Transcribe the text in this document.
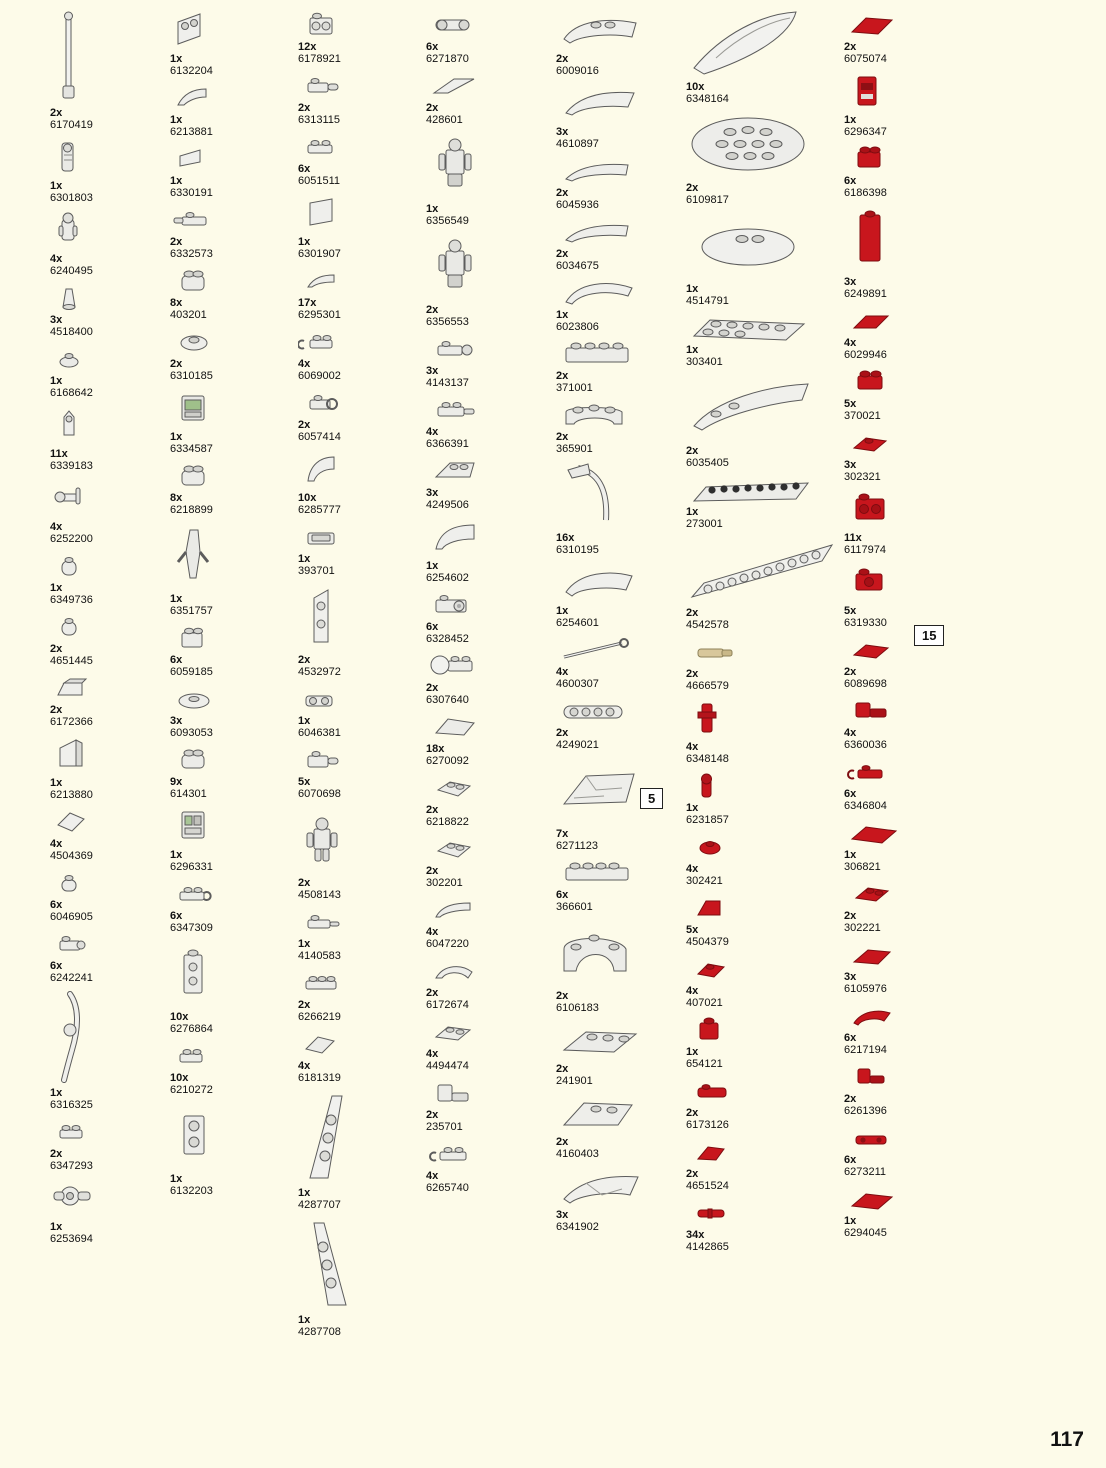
2x
6170419
1x
6301803
4x
6240495
3x
4518400
1x
6168642
11x
6339183
4x
6252200
1x
6349736
2x
4651445
2x
6172366
1x
6213880
4x
4504369
6x
6046905
6x
6242241
1x
6316325
2x
6347293
1x
6253694
1x
6132204
1x
6213881
1x
6330191
2x
6332573
8x
403201
2x
6310185
1x
6334587
8x
6218899
1x
6351757
6x
6059185
3x
6093053
9x
614301
1x
6296331
6x
6347309
10x
6276864
10x
6210272
1x
6132203
12x
6178921
2x
6313115
6x
6051511
1x
6301907
17x
6295301
4x
6069002
2x
6057414
10x
6285777
1x
393701
2x
4532972
1x
6046381
5x
6070698
2x
4508143
1x
4140583
2x
6266219
4x
6181319
1x
4287707
1x
4287708
6x
6271870
2x
428601
1x
6356549
2x
6356553
3x
4143137
4x
6366391
3x
4249506
1x
6254602
6x
6328452
2x
6307640
18x
6270092
2x
6218822
2x
302201
4x
6047220
2x
6172674
4x
4494474
2x
235701
4x
6265740
2x
6009016
3x
4610897
2x
6045936
2x
6034675
1x
6023806
2x
371001
2x
365901
16x
6310195
1x
6254601
4x
4600307
2x
4249021
7x
6271123
6x
366601
2x
6106183
2x
241901
2x
4160403
3x
6341902
10x
6348164
2x
6109817
1x
4514791
1x
303401
2x
6035405
1x
273001
2x
4542578
2x
4666579
4x
6348148
1x
6231857
4x
302421
5x
4504379
4x
407021
1x
654121
2x
6173126
2x
4651524
34x
4142865
2x
6075074
1x
6296347
6x
6186398
3x
6249891
4x
6029946
5x
370021
3x
302321
11x
6117974
5x
6319330
2x
6089698
4x
6360036
6x
6346804
1x
306821
2x
302221
3x
6105976
6x
6217194
2x
6261396
6x
6273211
1x
6294045
5
15
117
